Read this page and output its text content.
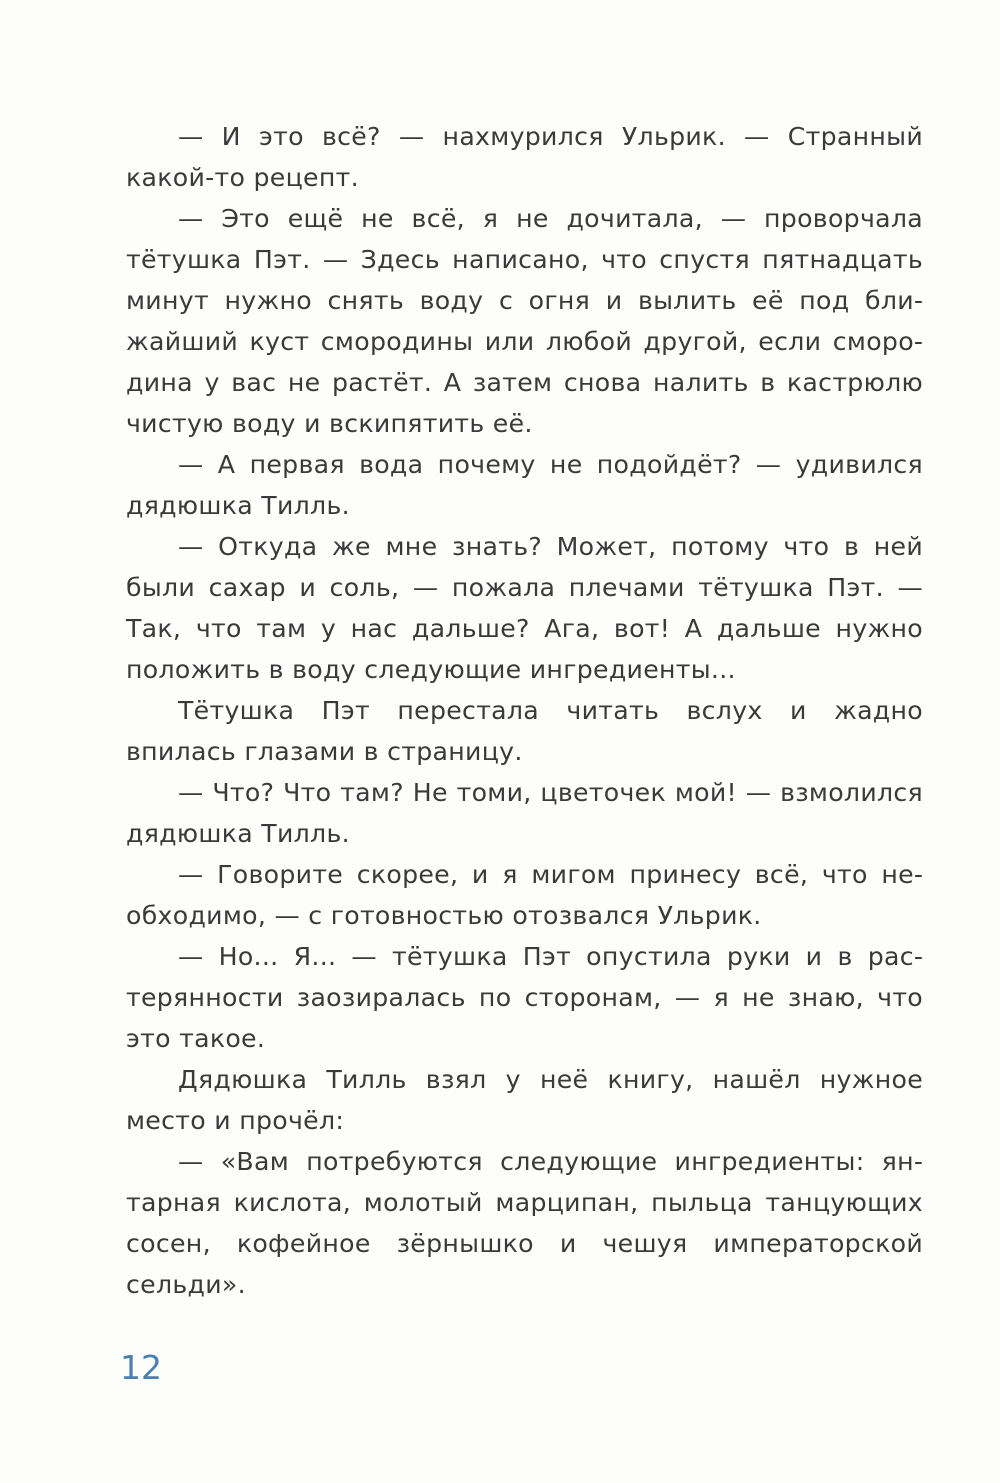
— И это всё? — нахмурился Ульрик. — Странный какой-то рецепт.

— Это ещё не всё, я не дочитала, — проворчала тётушка Пэт. — Здесь написано, что спустя пятнадцать минут нужно снять воду с огня и вылить её под ближайший куст смородины или любой другой, если смородина у вас не растёт. А затем снова налить в кастрюлю чистую воду и вскипятить её.

— А первая вода почему не подойдёт? — удивился дядюшка Тилль.

— Откуда же мне знать? Может, потому что в ней были сахар и соль, — пожала плечами тётушка Пэт. — Так, что там у нас дальше? Ага, вот! А дальше нужно положить в воду следующие ингредиенты...

Тётушка Пэт перестала читать вслух и жадно впилась глазами в страницу.

— Что? Что там? Не томи, цветочек мой! — взмолился дядюшка Тилль.

— Говорите скорее, и я мигом принесу всё, что необходимо, — с готовностью отозвался Ульрик.

— Но... Я... — тётушка Пэт опустила руки и в растерянности заозиралась по сторонам, — я не знаю, что это такое.

Дядюшка Тилль взял у неё книгу, нашёл нужное место и прочёл:

— «Вам потребуются следующие ингредиенты: янтарная кислота, молотый марципан, пыльца танцующих сосен, кофейное зёрнышко и чешуя императорской сельди».

12
